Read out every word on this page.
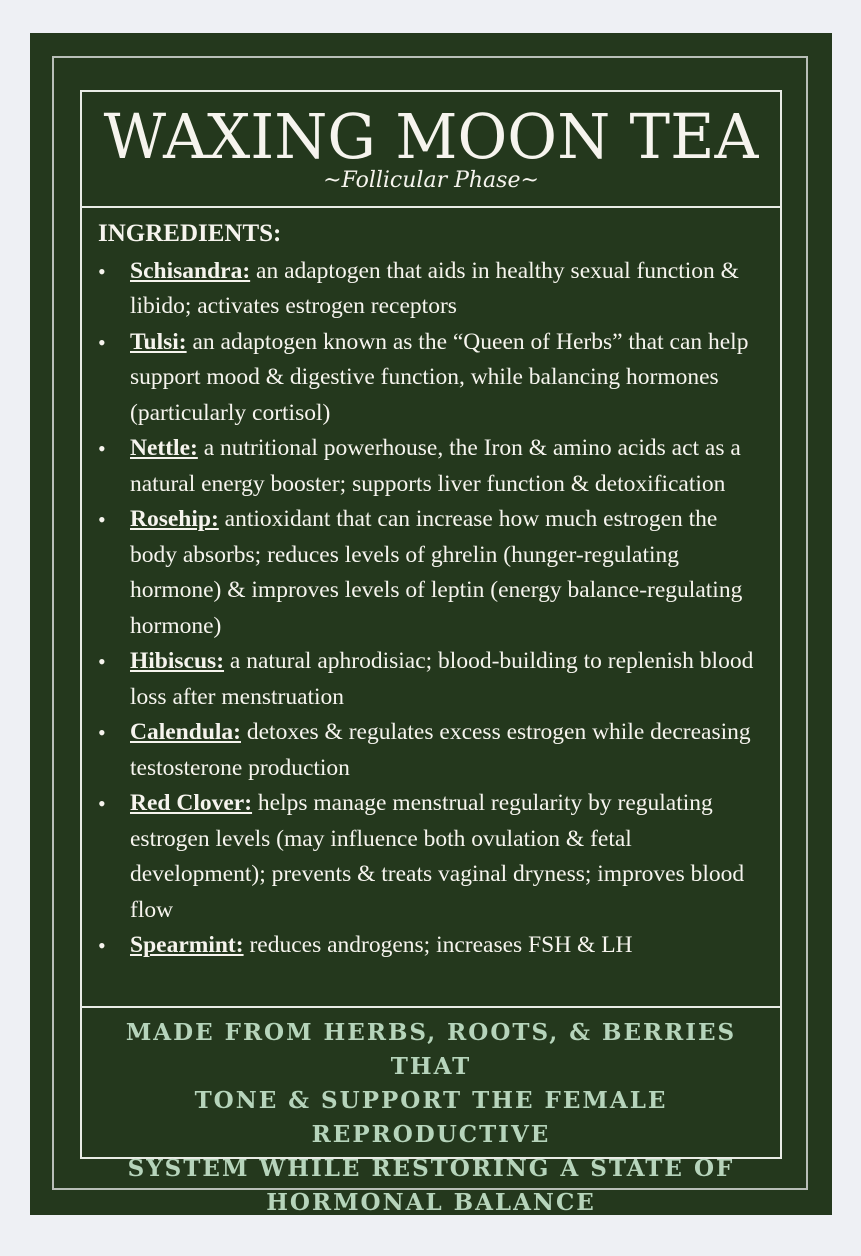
WAXING MOON TEA
~Follicular Phase~
INGREDIENTS:
•	Schisandra: an adaptogen that aids in healthy sexual function & libido; activates estrogen receptors
•	Tulsi: an adaptogen known as the “Queen of Herbs” that can help support mood & digestive function, while balancing hormones (particularly cortisol)
•	Nettle: a nutritional powerhouse, the Iron & amino acids act as a natural energy booster; supports liver function & detoxification
•	Rosehip: antioxidant that can increase how much estrogen the body absorbs; reduces levels of ghrelin (hunger-regulating hormone) & improves levels of leptin (energy balance-regulating hormone)
•	Hibiscus: a natural aphrodisiac; blood-building to replenish blood loss after menstruation
•	Calendula: detoxes & regulates excess estrogen while decreasing testosterone production
•	Red Clover: helps manage menstrual regularity by regulating estrogen levels (may influence both ovulation & fetal development); prevents & treats vaginal dryness; improves blood flow
•	Spearmint: reduces androgens; increases FSH & LH
MADE FROM HERBS, ROOTS, & BERRIES THAT
TONE & SUPPORT THE FEMALE REPRODUCTIVE
SYSTEM WHILE RESTORING A STATE OF
HORMONAL BALANCE
